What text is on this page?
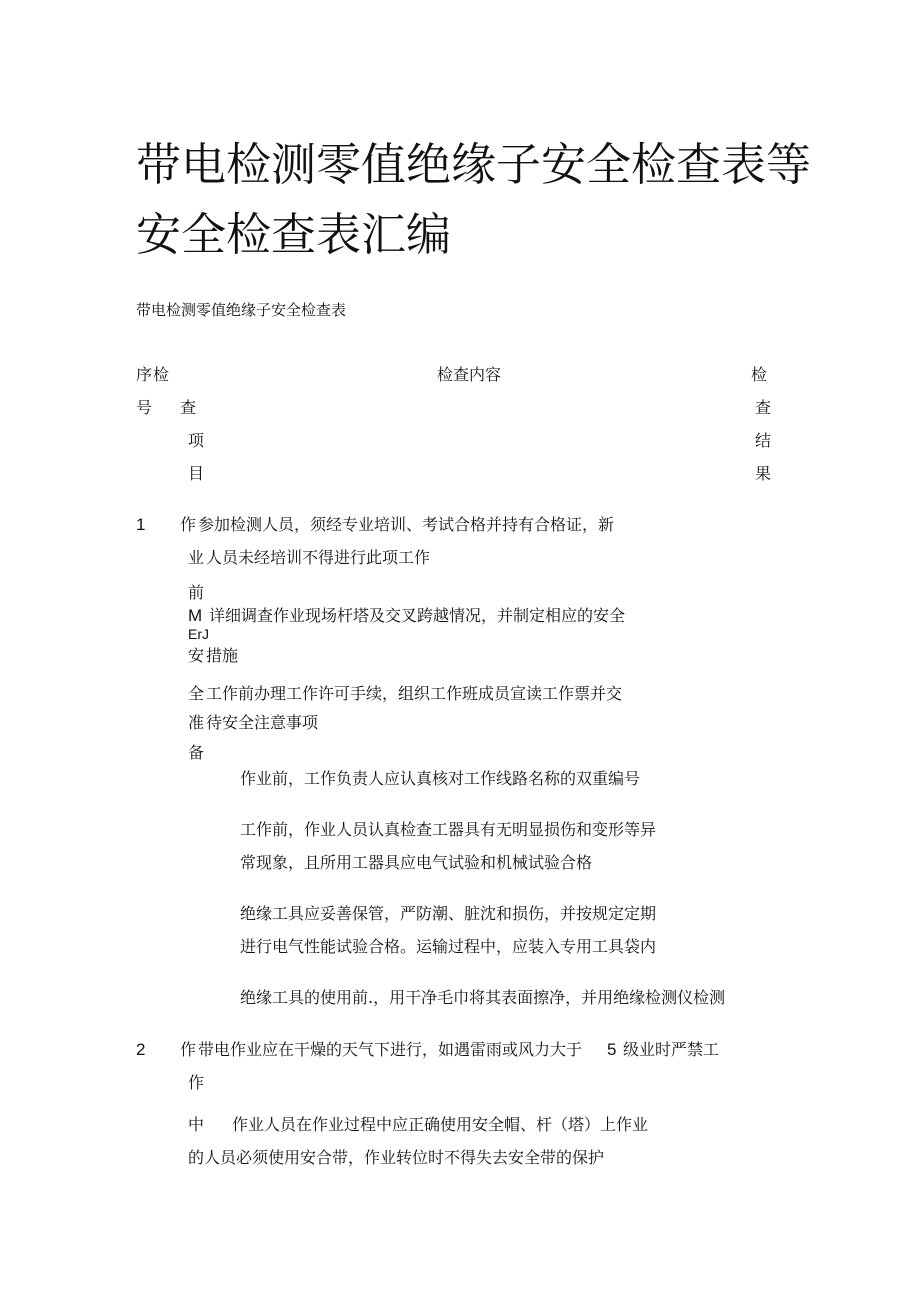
带电检测零值绝缘子安全检查表等
安全检查表汇编
带电检测零值绝缘子安全检查表
序
号
检
查
项
目
检查内容	检
查
结
果
1 作 参加检测人员，须经专业培训、考试合格并持有合格证，新
业 人员未经培训不得进行此项工作
前
M 详细调查作业现场杆塔及交叉跨越情况，并制定相应的安全
ErJ
安 措施
全 工作前办理工作许可手续，组织工作班成员宣读工作票并交
准 待安全注意事项
备
作业前，工作负责人应认真核对工作线路名称的双重编号
工作前，作业人员认真检查工器具有无明显损伤和变形等异
常现象，且所用工器具应电气试验和机械试验合格
绝缘工具应妥善保管，严防潮、脏沈和损伤，并按规定定期
进行电气性能试验合格。运输过程中，应装入专用工具袋内
绝缘工具的使用前.，用干净毛巾将其表面擦净，并用绝缘检测仪检测
2 作 带电作业应在干燥的天气下进行，如遇雷雨或风力大于 5 级业时严禁工
作
中 作业人员在作业过程中应正确使用安全帽、杆（塔）上作业
的人员必须使用安合带，作业转位时不得失去安全带的保护
